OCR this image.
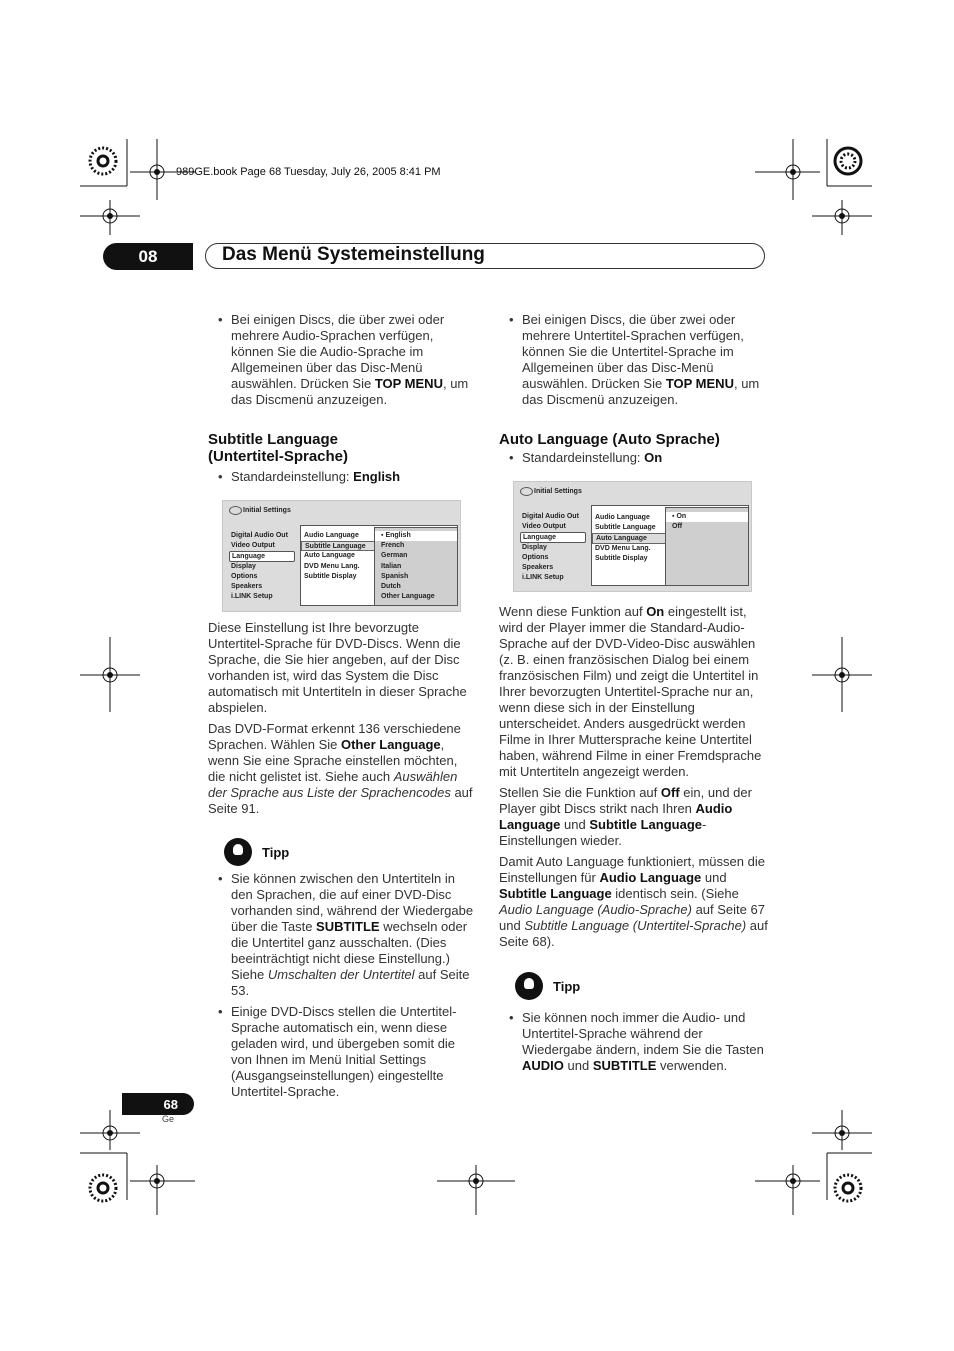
989GE.book Page 68 Tuesday, July 26, 2005 8:41 PM
08	Das Menü Systemeinstellung
• Bei einigen Discs, die über zwei oder mehrere Audio-Sprachen verfügen, können Sie die Audio-Sprache im Allgemeinen über das Disc-Menü auswählen. Drücken Sie TOP MENU, um das Discmenü anzuzeigen.
Subtitle Language (Untertitel-Sprache)
• Standardeinstellung: English
Initial Settings
Digital Audio Out
Video Output
Language
Display
Options
Speakers
i.LINK Setup
Audio Language
Subtitle Language
Auto Language
DVD Menu Lang.
Subtitle Display
▪ English
French
German
Italian
Spanish
Dutch
Other Language

Diese Einstellung ist Ihre bevorzugte Untertitel-Sprache für DVD-Discs. Wenn die Sprache, die Sie hier angeben, auf der Disc vorhanden ist, wird das System die Disc automatisch mit Untertiteln in dieser Sprache abspielen.

Das DVD-Format erkennt 136 verschiedene Sprachen. Wählen Sie Other Language, wenn Sie eine Sprache einstellen möchten, die nicht gelistet ist. Siehe auch Auswählen der Sprache aus Liste der Sprachencodes auf Seite 91.

Tipp
• Sie können zwischen den Untertiteln in den Sprachen, die auf einer DVD-Disc vorhanden sind, während der Wiedergabe über die Taste SUBTITLE wechseln oder die Untertitel ganz ausschalten. (Dies beeinträchtigt nicht diese Einstellung.) Siehe Umschalten der Untertitel auf Seite 53.
• Einige DVD-Discs stellen die Untertitel-Sprache automatisch ein, wenn diese geladen wird, und übergeben somit die von Ihnen im Menü Initial Settings (Ausgangseinstellungen) eingestellte Untertitel-Sprache.
• Bei einigen Discs, die über zwei oder mehrere Untertitel-Sprachen verfügen, können Sie die Untertitel-Sprache im Allgemeinen über das Disc-Menü auswählen. Drücken Sie TOP MENU, um das Discmenü anzuzeigen.
Auto Language (Auto Sprache)
• Standardeinstellung: On
Initial Settings
Digital Audio Out
Video Output
Language
Display
Options
Speakers
i.LINK Setup
Audio Language
Subtitle Language
Auto Language
DVD Menu Lang.
Subtitle Display
▪ On
Off

Wenn diese Funktion auf On eingestellt ist, wird der Player immer die Standard-Audio-Sprache auf der DVD-Video-Disc auswählen (z. B. einen französischen Dialog bei einem französischen Film) und zeigt die Untertitel in Ihrer bevorzugten Untertitel-Sprache nur an, wenn diese sich in der Einstellung unterscheidet. Anders ausgedrückt werden Filme in Ihrer Muttersprache keine Untertitel haben, während Filme in einer Fremdsprache mit Untertiteln angezeigt werden.

Stellen Sie die Funktion auf Off ein, und der Player gibt Discs strikt nach Ihren Audio Language und Subtitle Language-Einstellungen wieder.

Damit Auto Language funktioniert, müssen die Einstellungen für Audio Language und Subtitle Language identisch sein. (Siehe Audio Language (Audio-Sprache) auf Seite 67 und Subtitle Language (Untertitel-Sprache) auf Seite 68).

Tipp
• Sie können noch immer die Audio- und Untertitel-Sprache während der Wiedergabe ändern, indem Sie die Tasten AUDIO und SUBTITLE verwenden.
68
Ge
